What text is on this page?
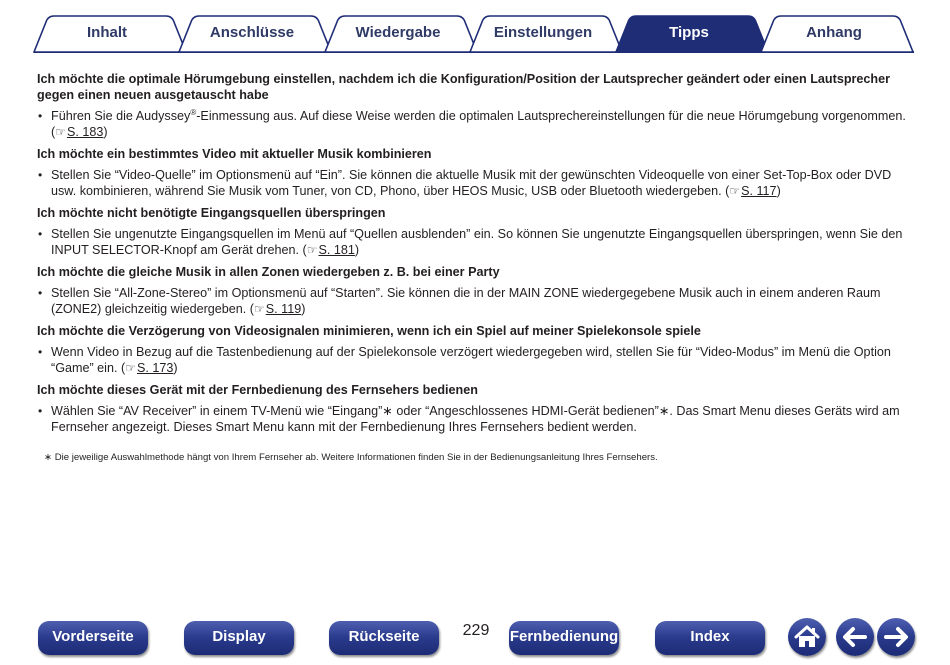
Inhalt	Anschlüsse	Wiedergabe	Einstellungen	Tipps	Anhang

Ich möchte die optimale Hörumgebung einstellen, nachdem ich die Konfiguration/Position der Lautsprecher geändert oder einen Lautsprecher gegen einen neuen ausgetauscht habe

• Führen Sie die Audyssey®-Einmessung aus. Auf diese Weise werden die optimalen Lautsprechereinstellungen für die neue Hörumgebung vorgenommen. (☞S. 183)

Ich möchte ein bestimmtes Video mit aktueller Musik kombinieren

• Stellen Sie “Video-Quelle” im Optionsmenü auf “Ein”. Sie können die aktuelle Musik mit der gewünschten Videoquelle von einer Set-Top-Box oder DVD usw. kombinieren, während Sie Musik vom Tuner, von CD, Phono, über HEOS Music, USB oder Bluetooth wiedergeben. (☞S. 117)

Ich möchte nicht benötigte Eingangsquellen überspringen

• Stellen Sie ungenutzte Eingangsquellen im Menü auf “Quellen ausblenden” ein. So können Sie ungenutzte Eingangsquellen überspringen, wenn Sie den INPUT SELECTOR-Knopf am Gerät drehen. (☞S. 181)

Ich möchte die gleiche Musik in allen Zonen wiedergeben z. B. bei einer Party

• Stellen Sie “All-Zone-Stereo” im Optionsmenü auf “Starten”. Sie können die in der MAIN ZONE wiedergegebene Musik auch in einem anderen Raum (ZONE2) gleichzeitig wiedergeben. (☞S. 119)

Ich möchte die Verzögerung von Videosignalen minimieren, wenn ich ein Spiel auf meiner Spielekonsole spiele

• Wenn Video in Bezug auf die Tastenbedienung auf der Spielekonsole verzögert wiedergegeben wird, stellen Sie für “Video-Modus” im Menü die Option “Game” ein. (☞S. 173)

Ich möchte dieses Gerät mit der Fernbedienung des Fernsehers bedienen

• Wählen Sie “AV Receiver” in einem TV-Menü wie “Eingang”∗ oder “Angeschlossenes HDMI-Gerät bedienen”∗. Das Smart Menu dieses Geräts wird am Fernseher angezeigt. Dieses Smart Menu kann mit der Fernbedienung Ihres Fernsehers bedient werden.
∗ Die jeweilige Auswahlmethode hängt von Ihrem Fernseher ab. Weitere Informationen finden Sie in der Bedienungsanleitung Ihres Fernsehers.
Vorderseite	Display	Rückseite	229	Fernbedienung	Index
